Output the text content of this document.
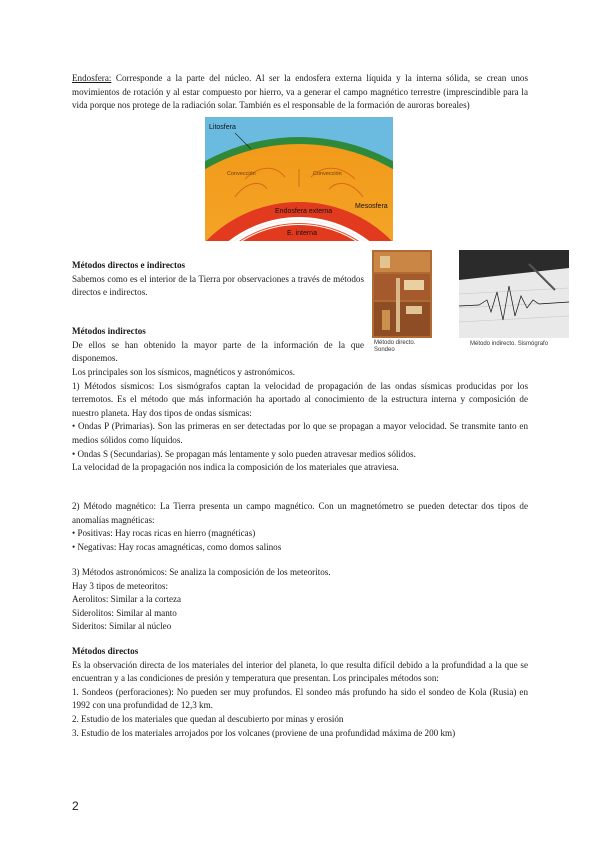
Endosfera: Corresponde a la parte del núcleo. Al ser la endosfera externa líquida y la interna sólida, se crean unos movimientos de rotación y al estar compuesto por hierro, va a generar el campo magnético terrestre (imprescindible para la vida porque nos protege de la radiación solar. También es el responsable de la formación de auroras boreales)

Litosfera
Convección	Convección
Mesosfera
Endosfera externa
E. interna

Métodos directos e indirectos

Sabemos como es el interior de la Tierra por observaciones a través de métodos directos e indirectos.

Método directo. Sondeo
Método indirecto. Sismógrafo

Métodos indirectos

De ellos se han obtenido la mayor parte de la información de la que disponemos.

Los principales son los sísmicos, magnéticos y astronómicos.

1) Métodos sísmicos: Los sismógrafos captan la velocidad de propagación de las ondas sísmicas producidas por los terremotos. Es el método que más información ha aportado al conocimiento de la estructura interna y composición de nuestro planeta. Hay dos tipos de ondas sísmicas:

• Ondas P (Primarias). Son las primeras en ser detectadas por lo que se propagan a mayor velocidad. Se transmite tanto en medios sólidos como líquidos.

• Ondas S (Secundarias). Se propagan más lentamente y solo pueden atravesar medios sólidos.

La velocidad de la propagación nos indica la composición de los materiales que atraviesa.

2) Método magnético: La Tierra presenta un campo magnético. Con un magnetómetro se pueden detectar dos tipos de anomalías magnéticas:

• Positivas: Hay rocas ricas en hierro (magnéticas)

• Negativas: Hay rocas amagnéticas, como domos salinos

3) Métodos astronómicos: Se analiza la composición de los meteoritos.

Hay 3 tipos de meteoritos:

Aerolitos: Similar a la corteza

Siderolitos: Similar al manto

Sideritos: Similar al núcleo

Métodos directos

Es la observación directa de los materiales del interior del planeta, lo que resulta difícil debido a la profundidad a la que se encuentran y a las condiciones de presión y temperatura que presentan. Los principales métodos son:

1. Sondeos (perforaciones): No pueden ser muy profundos. El sondeo más profundo ha sido el sondeo de Kola (Rusia) en 1992 con una profundidad de 12,3 km.

2. Estudio de los materiales que quedan al descubierto por minas y erosión

3. Estudio de los materiales arrojados por los volcanes (proviene de una profundidad máxima de 200 km)

2
